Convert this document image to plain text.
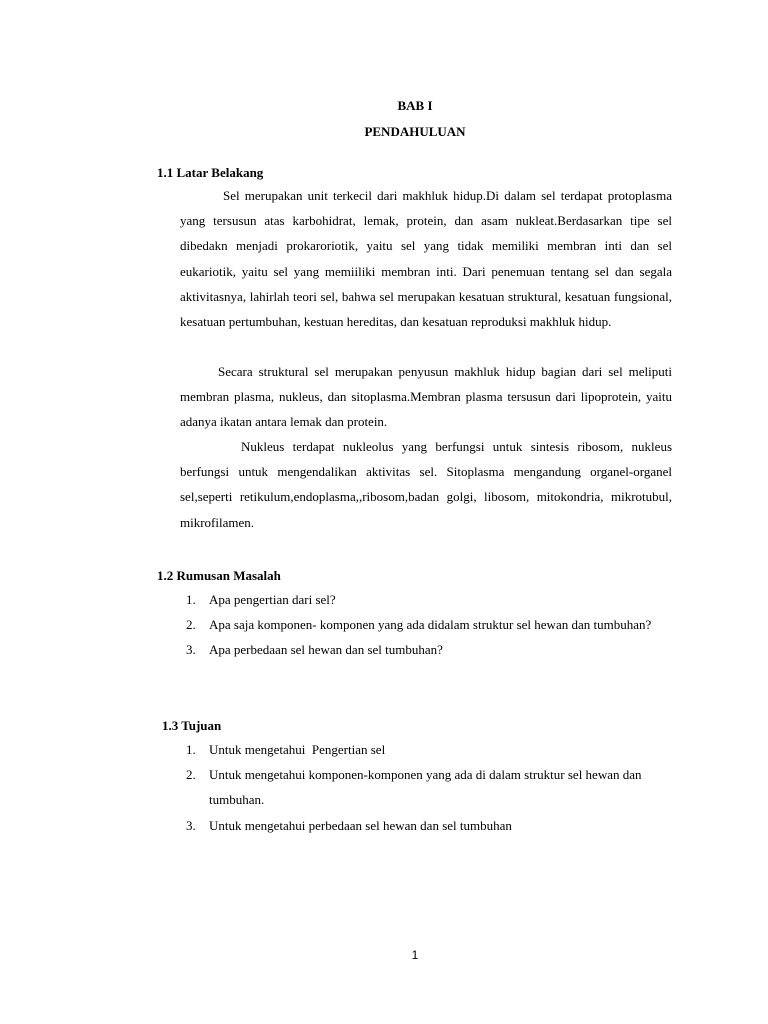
BAB I
PENDAHULUAN
1.1 Latar Belakang

Sel merupakan unit terkecil dari makhluk hidup.Di dalam sel terdapat protoplasma yang tersusun atas karbohidrat, lemak, protein, dan asam nukleat.Berdasarkan tipe sel dibedakn menjadi prokaroriotik, yaitu sel yang tidak memiliki membran inti dan sel eukariotik, yaitu sel yang memiiliki membran inti. Dari penemuan tentang sel dan segala aktivitasnya, lahirlah teori sel, bahwa sel merupakan kesatuan struktural, kesatuan fungsional, kesatuan pertumbuhan, kestuan hereditas, dan kesatuan reproduksi makhluk hidup.

Secara struktural sel merupakan penyusun makhluk hidup bagian dari sel meliputi membran plasma, nukleus, dan sitoplasma.Membran plasma tersusun dari lipoprotein, yaitu adanya ikatan antara lemak dan protein.

Nukleus terdapat nukleolus yang berfungsi untuk sintesis ribosom, nukleus berfungsi untuk mengendalikan aktivitas sel. Sitoplasma mengandung organel-organel sel,seperti retikulum,endoplasma,,ribosom,badan golgi, libosom, mitokondria, mikrotubul, mikrofilamen.

1.2 Rumusan Masalah
1. Apa pengertian dari sel?
2. Apa saja komponen- komponen yang ada didalam struktur sel hewan dan tumbuhan?
3. Apa perbedaan sel hewan dan sel tumbuhan?
1.3 Tujuan
1. Untuk mengetahui  Pengertian sel
2. Untuk mengetahui komponen-komponen yang ada di dalam struktur sel hewan dan tumbuhan.
3. Untuk mengetahui perbedaan sel hewan dan sel tumbuhan
1
